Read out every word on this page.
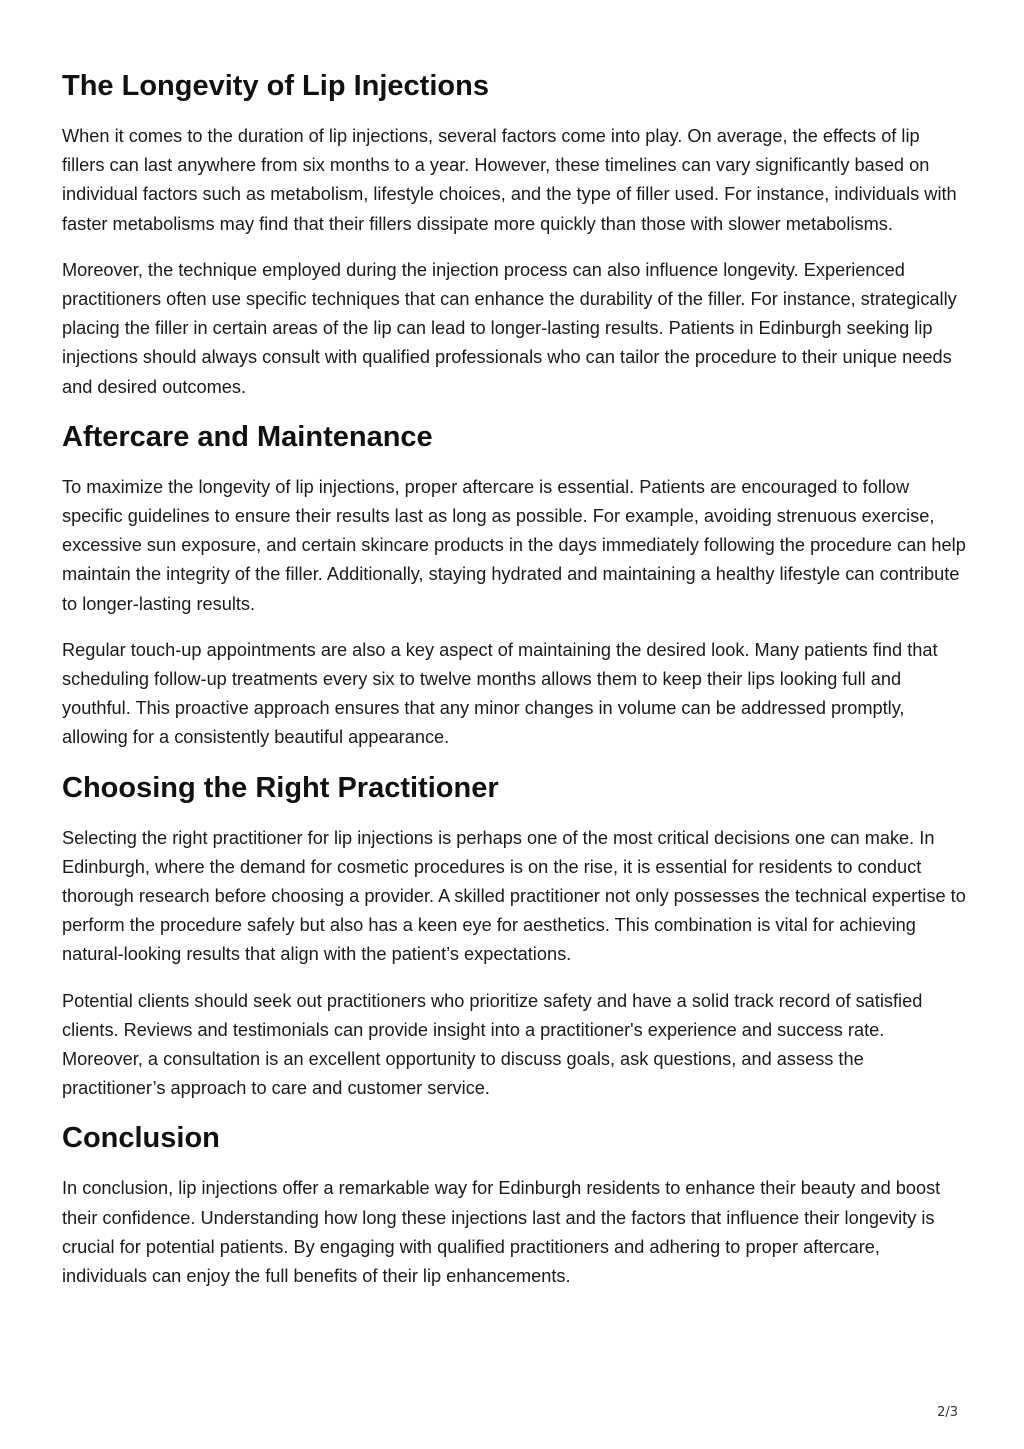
The Longevity of Lip Injections

When it comes to the duration of lip injections, several factors come into play. On average, the effects of lip fillers can last anywhere from six months to a year. However, these timelines can vary significantly based on individual factors such as metabolism, lifestyle choices, and the type of filler used. For instance, individuals with faster metabolisms may find that their fillers dissipate more quickly than those with slower metabolisms.

Moreover, the technique employed during the injection process can also influence longevity. Experienced practitioners often use specific techniques that can enhance the durability of the filler. For instance, strategically placing the filler in certain areas of the lip can lead to longer-lasting results. Patients in Edinburgh seeking lip injections should always consult with qualified professionals who can tailor the procedure to their unique needs and desired outcomes.

Aftercare and Maintenance

To maximize the longevity of lip injections, proper aftercare is essential. Patients are encouraged to follow specific guidelines to ensure their results last as long as possible. For example, avoiding strenuous exercise, excessive sun exposure, and certain skincare products in the days immediately following the procedure can help maintain the integrity of the filler. Additionally, staying hydrated and maintaining a healthy lifestyle can contribute to longer-lasting results.

Regular touch-up appointments are also a key aspect of maintaining the desired look. Many patients find that scheduling follow-up treatments every six to twelve months allows them to keep their lips looking full and youthful. This proactive approach ensures that any minor changes in volume can be addressed promptly, allowing for a consistently beautiful appearance.

Choosing the Right Practitioner

Selecting the right practitioner for lip injections is perhaps one of the most critical decisions one can make. In Edinburgh, where the demand for cosmetic procedures is on the rise, it is essential for residents to conduct thorough research before choosing a provider. A skilled practitioner not only possesses the technical expertise to perform the procedure safely but also has a keen eye for aesthetics. This combination is vital for achieving natural-looking results that align with the patient’s expectations.

Potential clients should seek out practitioners who prioritize safety and have a solid track record of satisfied clients. Reviews and testimonials can provide insight into a practitioner's experience and success rate. Moreover, a consultation is an excellent opportunity to discuss goals, ask questions, and assess the practitioner’s approach to care and customer service.

Conclusion

In conclusion, lip injections offer a remarkable way for Edinburgh residents to enhance their beauty and boost their confidence. Understanding how long these injections last and the factors that influence their longevity is crucial for potential patients. By engaging with qualified practitioners and adhering to proper aftercare, individuals can enjoy the full benefits of their lip enhancements.

2/3
